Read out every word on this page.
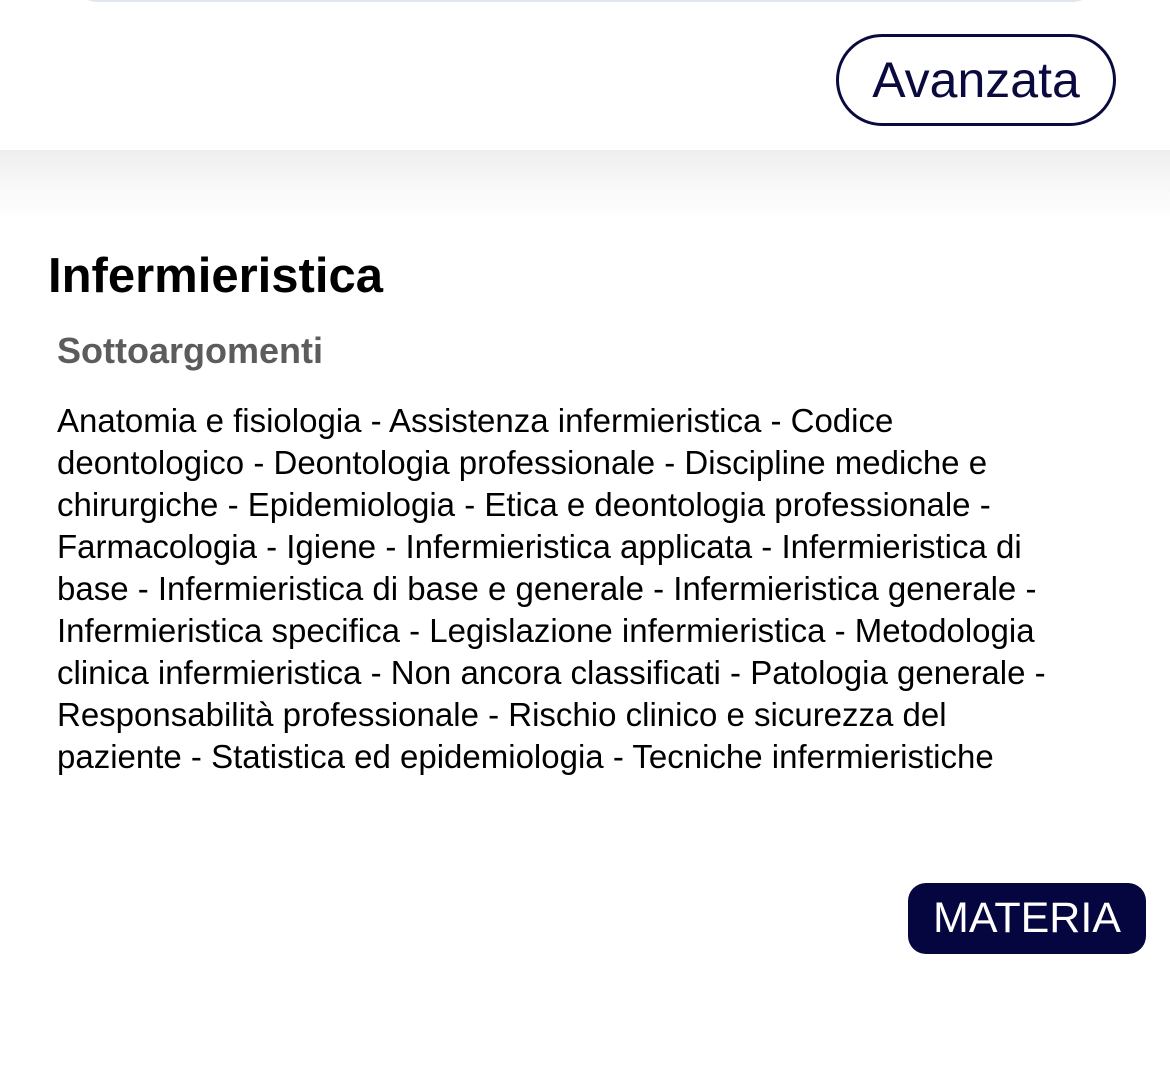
Avanzata
Infermieristica
Sottoargomenti

Anatomia e fisiologia - Assistenza infermieristica - Codice deontologico - Deontologia professionale - Discipline mediche e chirurgiche - Epidemiologia - Etica e deontologia professionale - Farmacologia - Igiene - Infermieristica applicata - Infermieristica di base - Infermieristica di base e generale - Infermieristica generale - Infermieristica specifica - Legislazione infermieristica - Metodologia clinica infermieristica - Non ancora classificati - Patologia generale - Responsabilità professionale - Rischio clinico e sicurezza del paziente - Statistica ed epidemiologia - Tecniche infermieristiche

MATERIA
